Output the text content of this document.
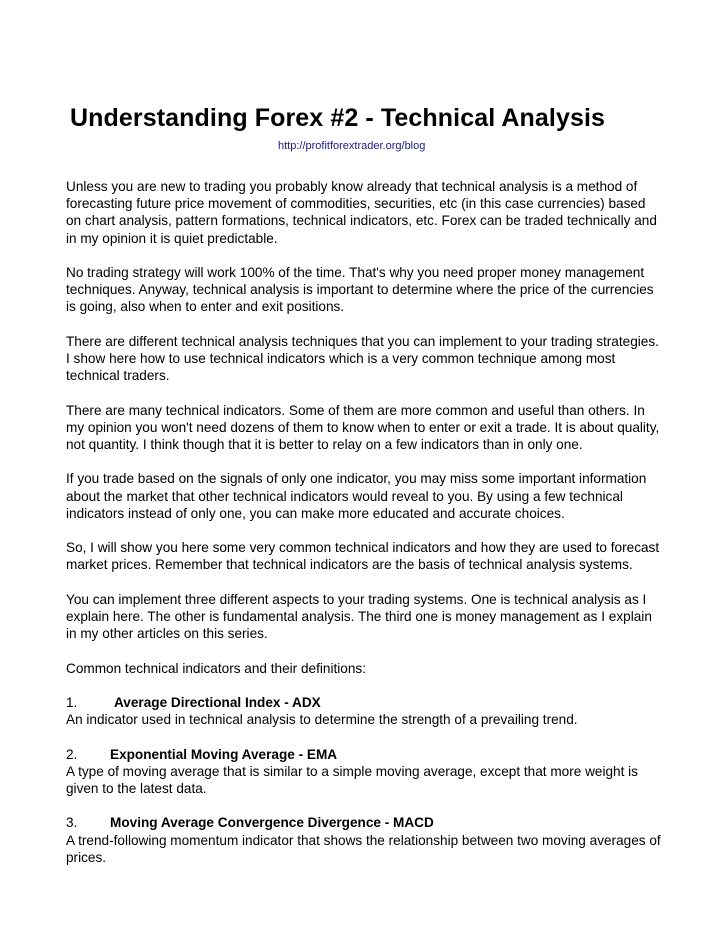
Understanding Forex #2 - Technical Analysis
http://profitforextrader.org/blog

Unless you are new to trading you probably know already that technical analysis is a method of forecasting future price movement of commodities, securities, etc (in this case currencies) based on chart analysis, pattern formations, technical indicators, etc. Forex can be traded technically and in my opinion it is quiet predictable.

No trading strategy will work 100% of the time. That's why you need proper money management techniques. Anyway, technical analysis is important to determine where the price of the currencies is going, also when to enter and exit positions.

There are different technical analysis techniques that you can implement to your trading strategies. I show here how to use technical indicators which is a very common technique among most technical traders.

There are many technical indicators. Some of them are more common and useful than others. In my opinion you won't need dozens of them to know when to enter or exit a trade. It is about quality, not quantity. I think though that it is better to relay on a few indicators than in only one.

If you trade based on the signals of only one indicator, you may miss some important information about the market that other technical indicators would reveal to you. By using a few technical indicators instead of only one, you can make more educated and accurate choices.

So, I will show you here some very common technical indicators and how they are used to forecast market prices. Remember that technical indicators are the basis of technical analysis systems.

You can implement three different aspects to your trading systems. One is technical analysis as I explain here. The other is fundamental analysis. The third one is money management as I explain in my other articles on this series.

Common technical indicators and their definitions:

1.	Average Directional Index - ADX
An indicator used in technical analysis to determine the strength of a prevailing trend.
2.	Exponential Moving Average - EMA
A type of moving average that is similar to a simple moving average, except that more weight is given to the latest data.
3.	Moving Average Convergence Divergence - MACD
A trend-following momentum indicator that shows the relationship between two moving averages of prices.
